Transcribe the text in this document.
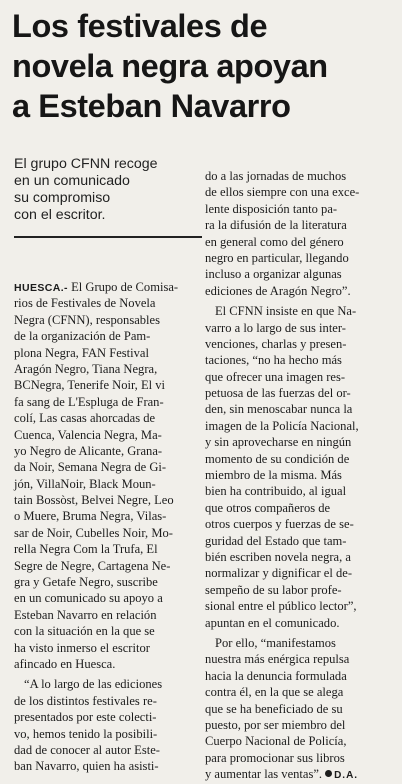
Los festivales de
novela negra apoyan
a Esteban Navarro
El grupo CFNN recoge
en un comunicado
su compromiso
con el escritor.
HUESCA.- El Grupo de Comisa-
rios de Festivales de Novela
Negra (CFNN), responsables
de la organización de Pam-
plona Negra, FAN Festival
Aragón Negro, Tiana Negra,
BCNegra, Tenerife Noir, El vi
fa sang de L'Espluga de Fran-
colí, Las casas ahorcadas de
Cuenca, Valencia Negra, Ma-
yo Negro de Alicante, Grana-
da Noir, Semana Negra de Gi-
jón, VillaNoir, Black Moun-
tain Bossòst, Belvei Negre, Leo
o Muere, Bruma Negra, Vilas-
sar de Noir, Cubelles Noir, Mo-
rella Negra Com la Trufa, El
Segre de Negre, Cartagena Ne-
gra y Getafe Negro, suscribe
en un comunicado su apoyo a
Esteban Navarro en relación
con la situación en la que se
ha visto inmerso el escritor
afincado en Huesca.
“A lo largo de las ediciones
de los distintos festivales re-
presentados por este colecti-
vo, hemos tenido la posibili-
dad de conocer al autor Este-
ban Navarro, quien ha asisti-
do a las jornadas de muchos
de ellos siempre con una exce-
lente disposición tanto pa-
ra la difusión de la literatura
en general como del género
negro en particular, llegando
incluso a organizar algunas
ediciones de Aragón Negro”.
El CFNN insiste en que Na-
varro a lo largo de sus inter-
venciones, charlas y presen-
taciones, “no ha hecho más
que ofrecer una imagen res-
petuosa de las fuerzas del or-
den, sin menoscabar nunca la
imagen de la Policía Nacional,
y sin aprovecharse en ningún
momento de su condición de
miembro de la misma. Más
bien ha contribuido, al igual
que otros compañeros de
otros cuerpos y fuerzas de se-
guridad del Estado que tam-
bién escriben novela negra, a
normalizar y dignificar el de-
sempeño de su labor profe-
sional entre el público lector”,
apuntan en el comunicado.
Por ello, “manifestamos
nuestra más enérgica repulsa
hacia la denuncia formulada
contra él, en la que se alega
que se ha beneficiado de su
puesto, por ser miembro del
Cuerpo Nacional de Policía,
para promocionar sus libros
y aumentar las ventas”. D.A.
